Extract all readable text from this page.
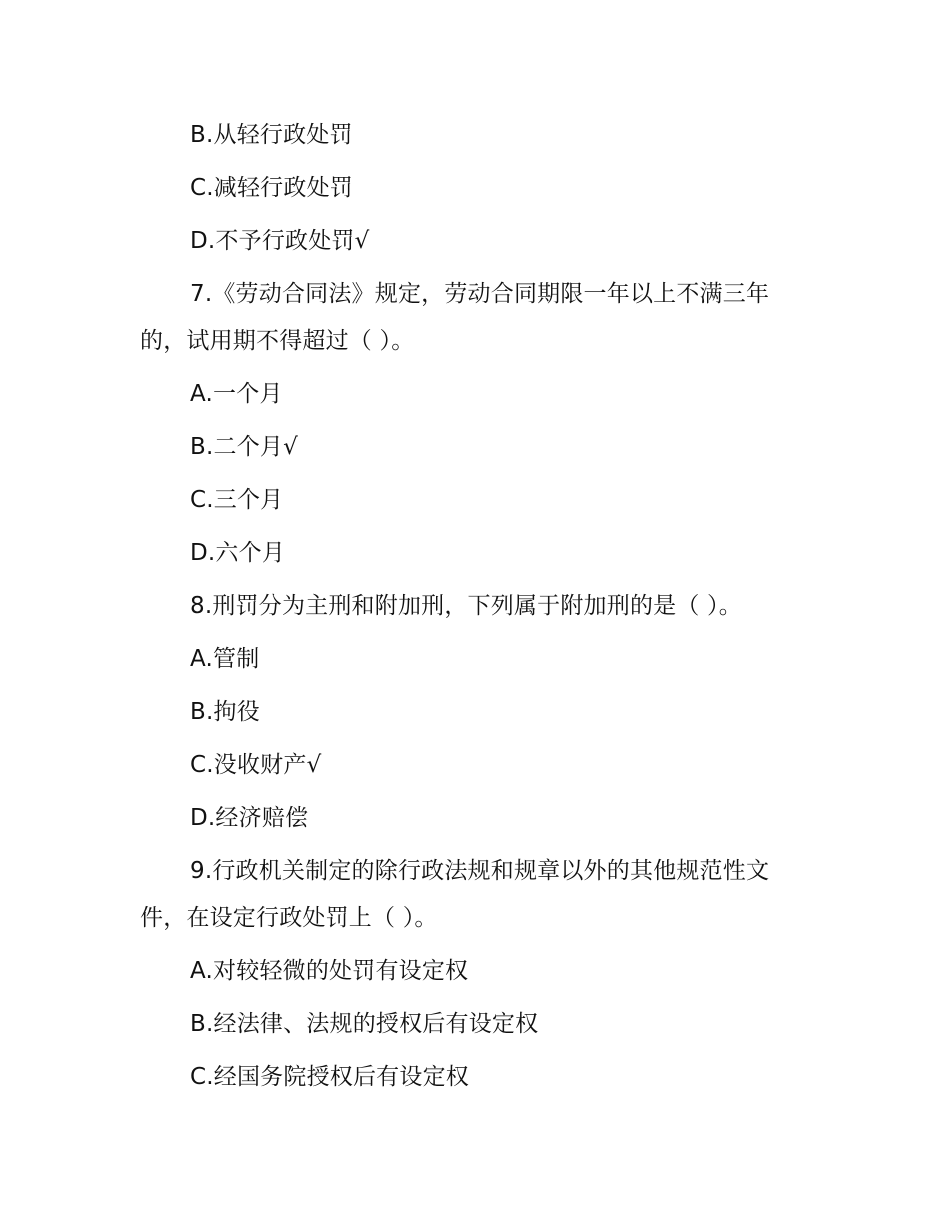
B.从轻行政处罚

C.减轻行政处罚

D.不予行政处罚√

7.《劳动合同法》规定，劳动合同期限一年以上不满三年
的，试用期不得超过（ ）。

A.一个月

B.二个月√

C.三个月

D.六个月

8.刑罚分为主刑和附加刑，下列属于附加刑的是（ ）。

A.管制

B.拘役

C.没收财产√

D.经济赔偿

9.行政机关制定的除行政法规和规章以外的其他规范性文
件，在设定行政处罚上（ ）。

A.对较轻微的处罚有设定权

B.经法律、法规的授权后有设定权

C.经国务院授权后有设定权
